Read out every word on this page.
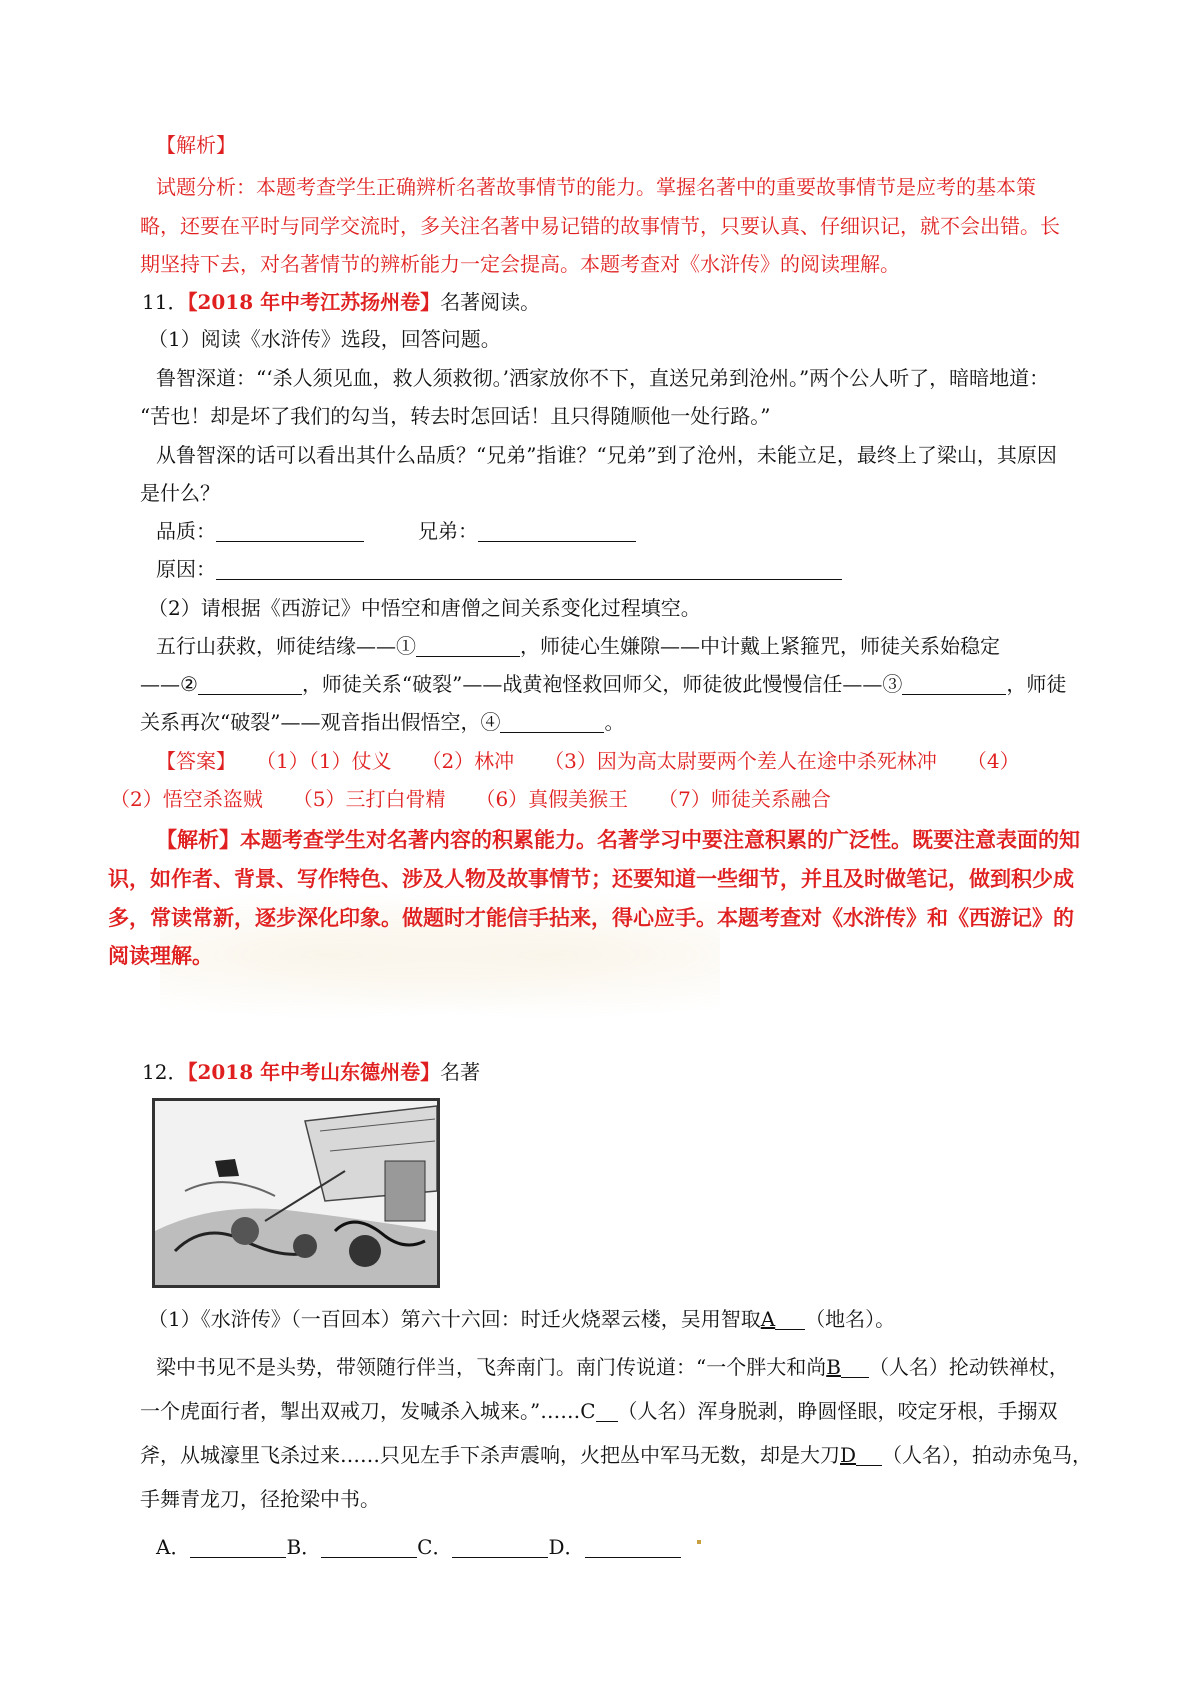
【解析】
试题分析：本题考查学生正确辨析名著故事情节的能力。掌握名著中的重要故事情节是应考的基本策
略，还要在平时与同学交流时，多关注名著中易记错的故事情节，只要认真、仔细识记，就不会出错。长
期坚持下去，对名著情节的辨析能力一定会提高。本题考查对《水浒传》的阅读理解。
11．【2018 年中考江苏扬州卷】名著阅读。
（1）阅读《水浒传》选段，回答问题。
鲁智深道：“‘杀人须见血，救人须救彻。’洒家放你不下，直送兄弟到沧州。”两个公人听了，暗暗地道：
“苦也！却是坏了我们的勾当，转去时怎回话！且只得随顺他一处行路。”
从鲁智深的话可以看出其什么品质？“兄弟”指谁？“兄弟”到了沧州，未能立足，最终上了梁山，其原因
是什么？
品质：	兄弟：
原因：
（2）请根据《西游记》中悟空和唐僧之间关系变化过程填空。
五行山获救，师徒结缘——①	，师徒心生嫌隙——中计戴上紧箍咒，师徒关系始稳定
——②	，师徒关系“破裂”——战黄袍怪救回师父，师徒彼此慢慢信任——③	，师徒
关系再次“破裂”——观音指出假悟空，④	。
【答案】　　（1）（1）仗义　　（2）林冲　　（3）因为高太尉要两个差人在途中杀死林冲　　（4）
（2）悟空杀盗贼　　（5）三打白骨精　　（6）真假美猴王　　（7）师徒关系融合
【解析】本题考查学生对名著内容的积累能力。名著学习中要注意积累的广泛性。既要注意表面的知
识，如作者、背景、写作特色、涉及人物及故事情节；还要知道一些细节，并且及时做笔记，做到积少成
多，常读常新，逐步深化印象。做题时才能信手拈来，得心应手。本题考查对《水浒传》和《西游记》的
阅读理解。
12．【2018 年中考山东德州卷】名著
（1）《水浒传》（一百回本）第六十六回：时迁火烧翠云楼，吴用智取A （地名）。
梁中书见不是头势，带领随行伴当，飞奔南门。南门传说道：“一个胖大和尚B （人名）抡动铁禅杖，
一个虎面行者，掣出双戒刀，发喊杀入城来。”……C （人名）浑身脱剥，睁圆怪眼，咬定牙根，手搦双
斧，从城濠里飞杀过来……只见左手下杀声震响，火把丛中军马无数，却是大刀D （人名），拍动赤兔马，
手舞青龙刀，径抢梁中书。
A．	B．	C．	D．
